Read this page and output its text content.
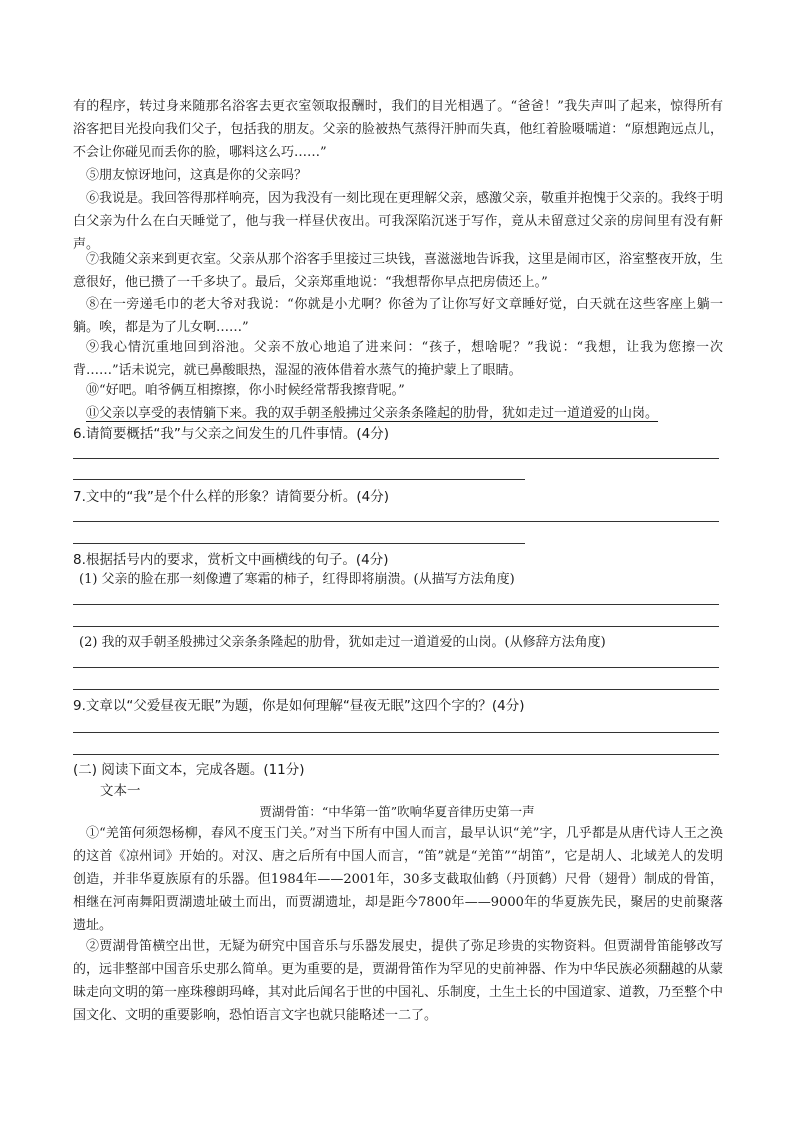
有的程序，转过身来随那名浴客去更衣室领取报酬时，我们的目光相遇了。“爸爸！”我失声叫了起来，惊得所有浴客把目光投向我们父子，包括我的朋友。父亲的脸被热气蒸得汗肿而失真，他红着脸嗫嚅道：“原想跑远点儿，不会让你碰见而丢你的脸，哪料这么巧……”
⑤朋友惊讶地问，这真是你的父亲吗？
⑥我说是。我回答得那样响亮，因为我没有一刻比现在更理解父亲，感激父亲，敬重并抱愧于父亲的。我终于明白父亲为什么在白天睡觉了，他与我一样昼伏夜出。可我深陷沉迷于写作，竟从未留意过父亲的房间里有没有鼾声。
⑦我随父亲来到更衣室。父亲从那个浴客手里接过三块钱，喜滋滋地告诉我，这里是闹市区，浴室整夜开放，生意很好，他已攒了一千多块了。最后，父亲郑重地说：“我想帮你早点把房债还上。”
⑧在一旁递毛巾的老大爷对我说：“你就是小尤啊？你爸为了让你写好文章睡好觉，白天就在这些客座上躺一躺。唉，都是为了儿女啊……”
⑨我心情沉重地回到浴池。父亲不放心地追了进来问：“孩子，想啥呢？”我说：“我想，让我为您擦一次背……”话未说完，就已鼻酸眼热，湿湿的液体借着水蒸气的掩护蒙上了眼睛。
⑩“好吧。咱爷俩互相擦擦，你小时候经常帮我擦背呢。”
⑪父亲以享受的表情躺下来。我的双手朝圣般拂过父亲条条隆起的肋骨，犹如走过一道道爱的山岗。
6.请简要概括“我”与父亲之间发生的几件事情。(4分)
7.文中的“我”是个什么样的形象？请简要分析。(4分)
8.根据括号内的要求，赏析文中画横线的句子。(4分)
(1) 父亲的脸在那一刻像遭了寒霜的柿子，红得即将崩溃。(从描写方法角度)
(2) 我的双手朝圣般拂过父亲条条隆起的肋骨，犹如走过一道道爱的山岗。(从修辞方法角度)
9.文章以“父爱昼夜无眠”为题，你是如何理解“昼夜无眠”这四个字的？(4分)
(二) 阅读下面文本，完成各题。(11分)
文本一
贾湖骨笛：“中华第一笛”吹响华夏音律历史第一声
①“羌笛何须怨杨柳，春风不度玉门关。”对当下所有中国人而言，最早认识“羌”字，几乎都是从唐代诗人王之涣的这首《凉州词》开始的。对汉、唐之后所有中国人而言，“笛”就是“羌笛”“胡笛”，它是胡人、北域羌人的发明创造，并非华夏族原有的乐器。但1984年——2001年，30多支截取仙鹤（丹顶鹤）尺骨（翅骨）制成的骨笛，相继在河南舞阳贾湖遗址破土而出，而贾湖遗址，却是距今7800年——9000年的华夏族先民，聚居的史前聚落遗址。
②贾湖骨笛横空出世，无疑为研究中国音乐与乐器发展史，提供了弥足珍贵的实物资料。但贾湖骨笛能够改写的，远非整部中国音乐史那么简单。更为重要的是，贾湖骨笛作为罕见的史前神器、作为中华民族必须翻越的从蒙昧走向文明的第一座珠穆朗玛峰，其对此后闻名于世的中国礼、乐制度，土生土长的中国道家、道教，乃至整个中国文化、文明的重要影响，恐怕语言文字也就只能略述一二了。
